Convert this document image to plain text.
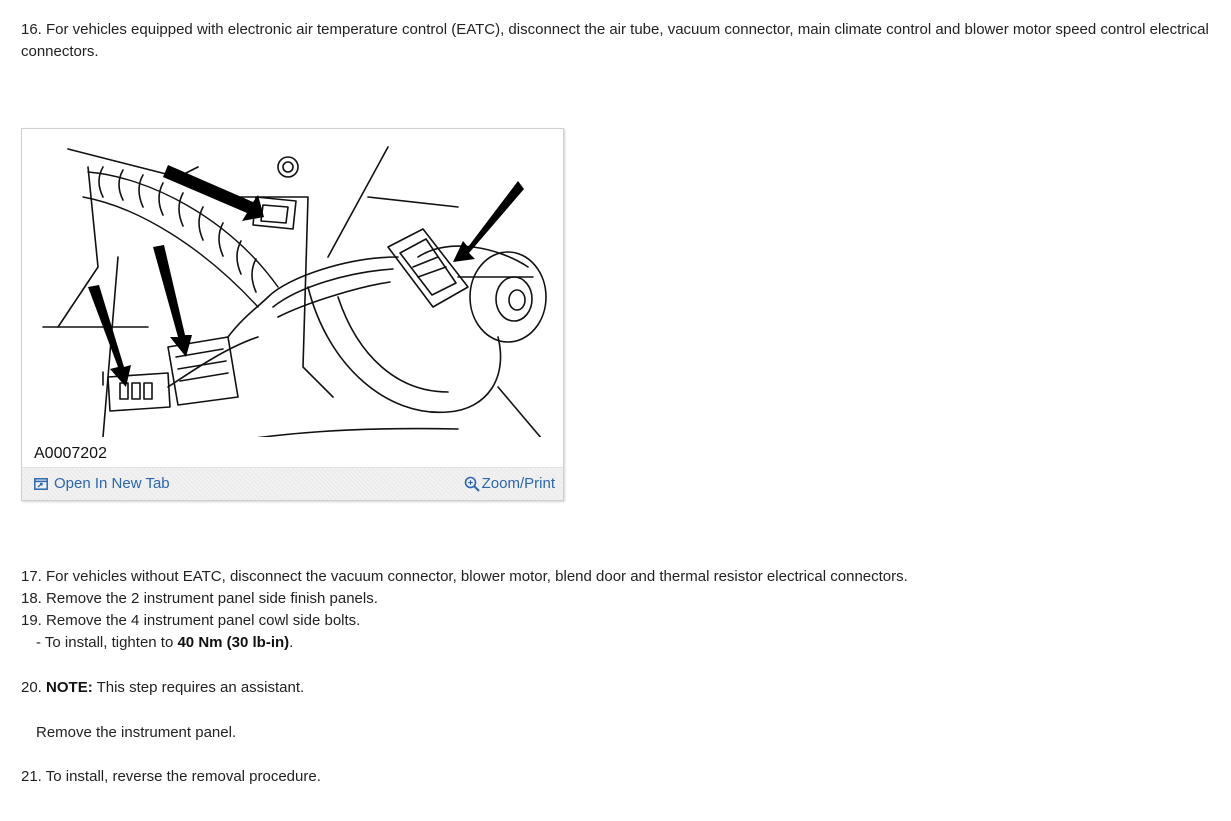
16. For vehicles equipped with electronic air temperature control (EATC), disconnect the air tube, vacuum connector, main climate control and blower motor speed control electrical connectors.

A0007202
Open In New Tab	Zoom/Print

17. For vehicles without EATC, disconnect the vacuum connector, blower motor, blend door and thermal resistor electrical connectors.

18. Remove the 2 instrument panel side finish panels.

19. Remove the 4 instrument panel cowl side bolts.

- To install, tighten to 40 Nm (30 lb-in).

20. NOTE: This step requires an assistant.

Remove the instrument panel.

21. To install, reverse the removal procedure.
